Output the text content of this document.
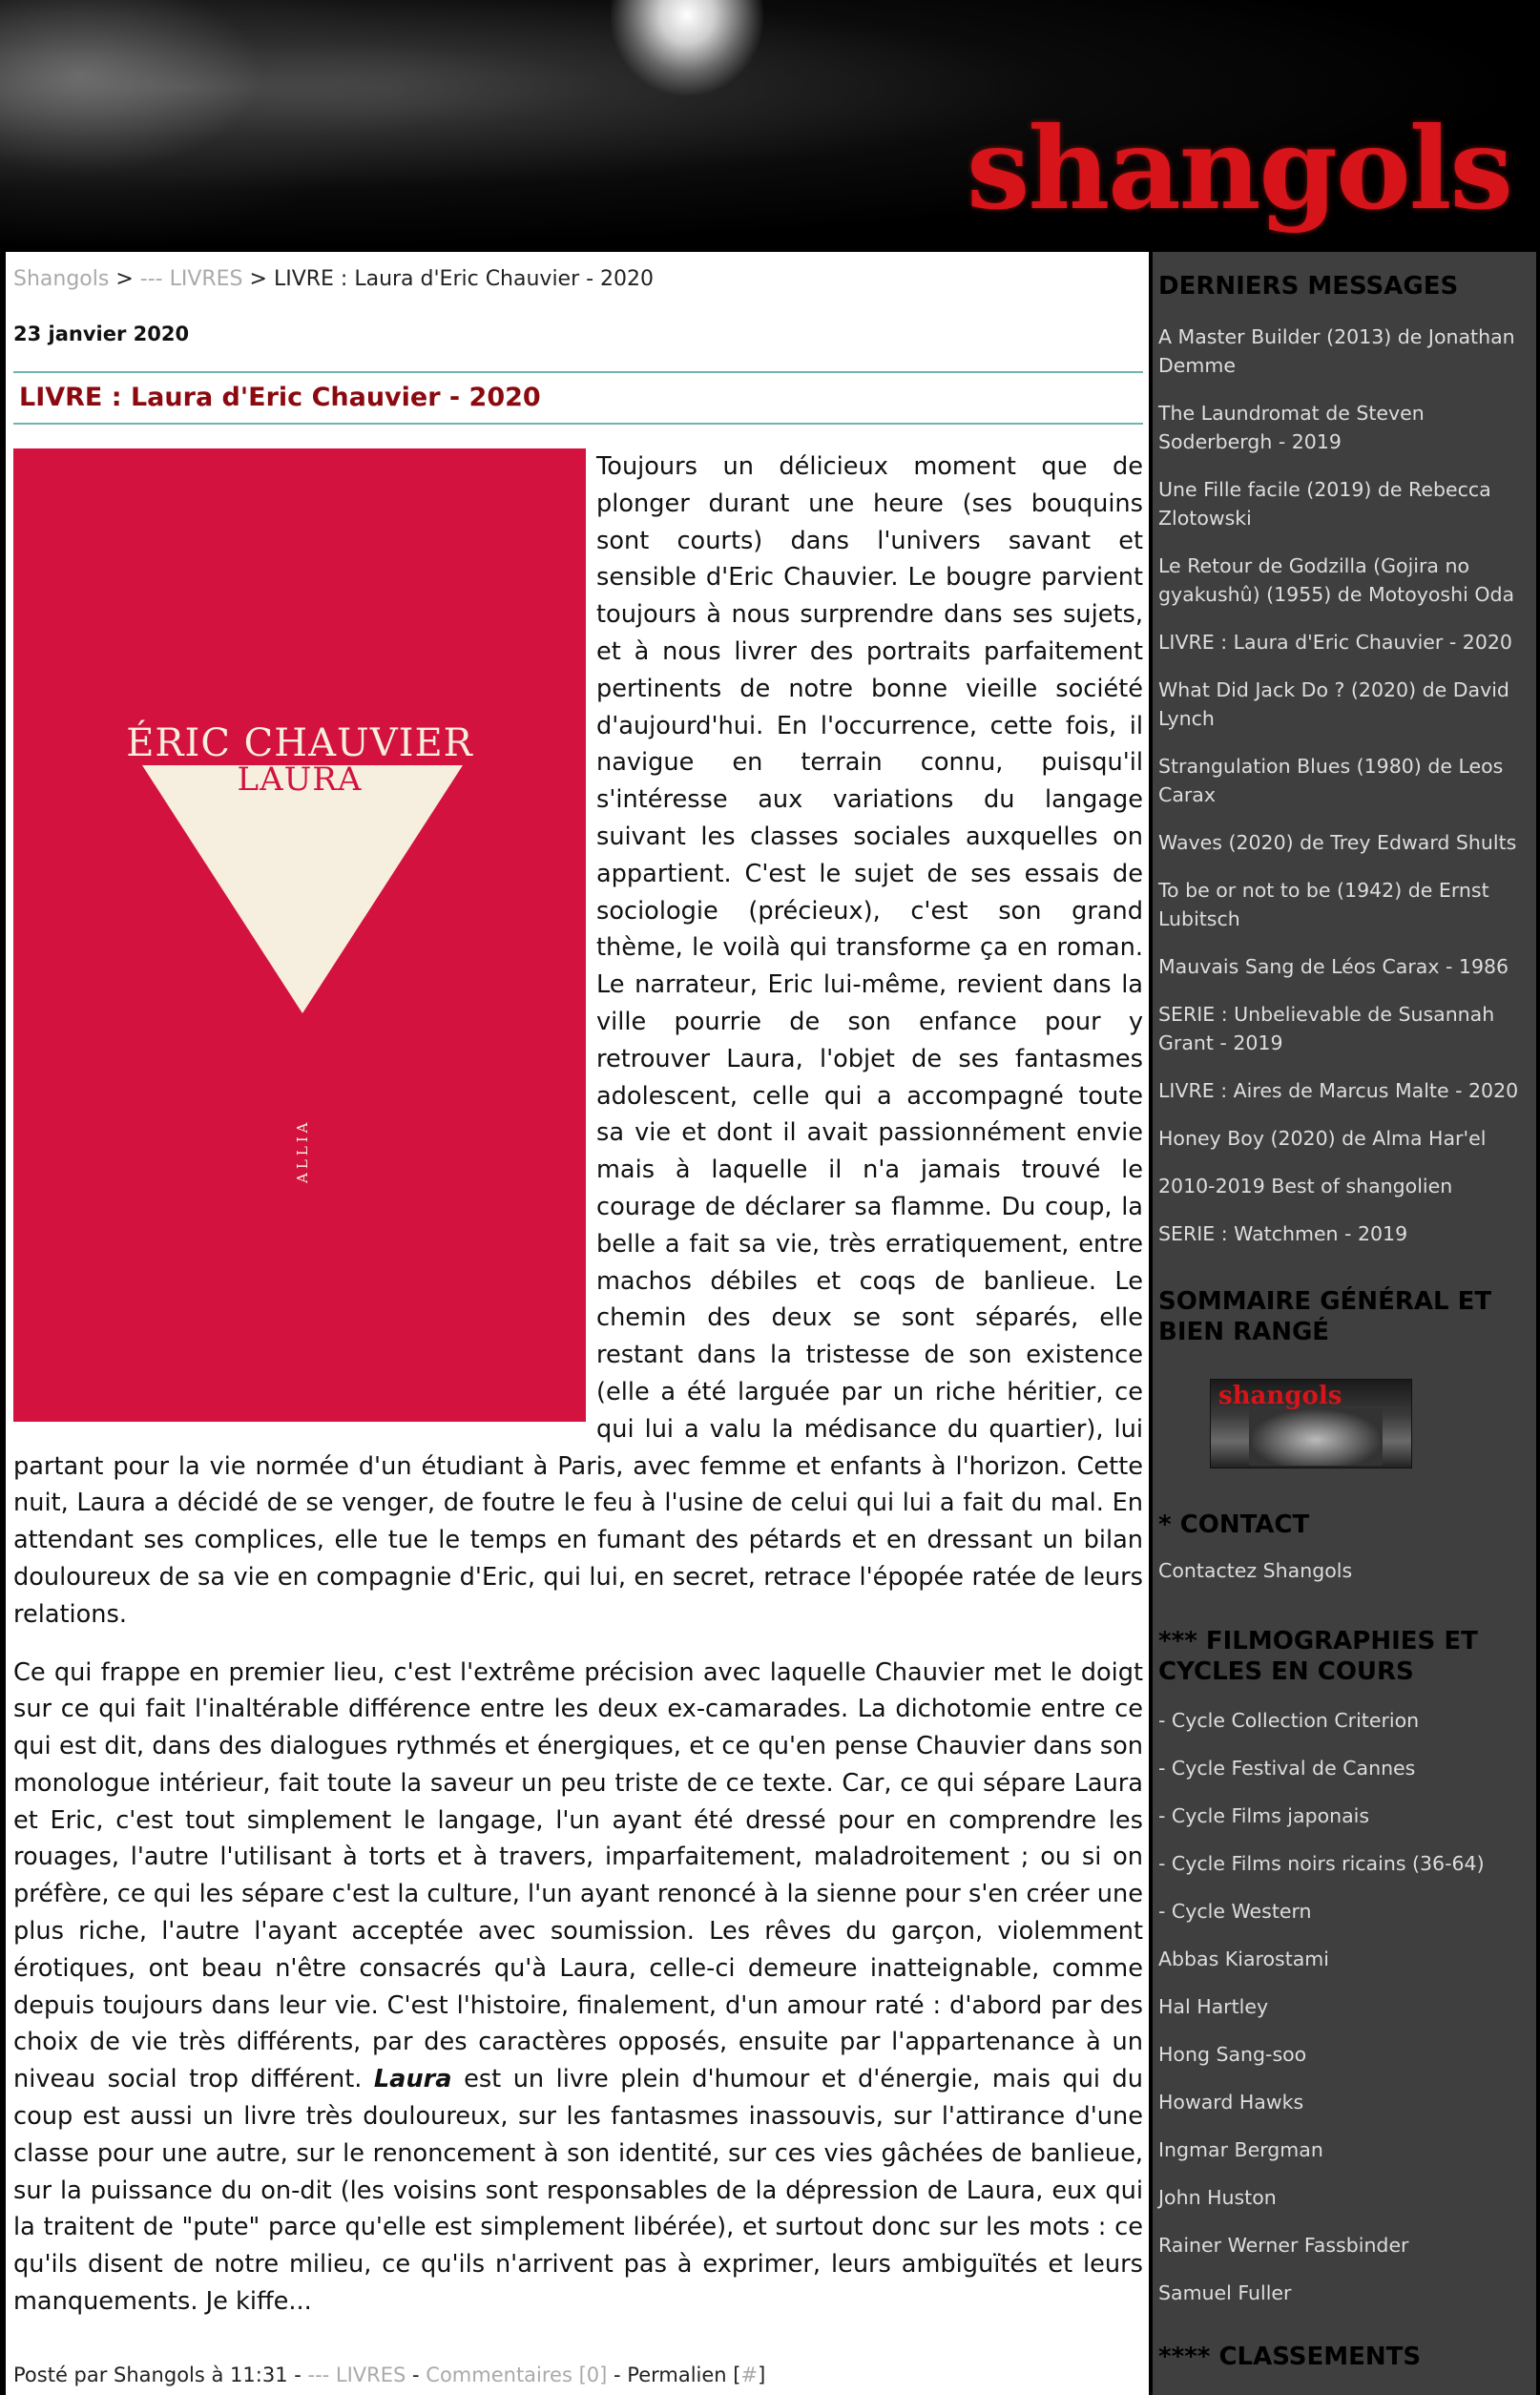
shangols
Shangols > --- LIVRES > LIVRE : Laura d'Eric Chauvier - 2020
23 janvier 2020
LIVRE : Laura d'Eric Chauvier - 2020
ÉRIC CHAUVIER
LAURA
ALLIA

Toujours un délicieux moment que de plonger durant une heure (ses bouquins sont courts) dans l'univers savant et sensible d'Eric Chauvier. Le bougre parvient toujours à nous surprendre dans ses sujets, et à nous livrer des portraits parfaitement pertinents de notre bonne vieille société d'aujourd'hui. En l'occurrence, cette fois, il navigue en terrain connu, puisqu'il s'intéresse aux variations du langage suivant les classes sociales auxquelles on appartient. C'est le sujet de ses essais de sociologie (précieux), c'est son grand thème, le voilà qui transforme ça en roman. Le narrateur, Eric lui-même, revient dans la ville pourrie de son enfance pour y retrouver Laura, l'objet de ses fantasmes adolescent, celle qui a accompagné toute sa vie et dont il avait passionnément envie mais à laquelle il n'a jamais trouvé le courage de déclarer sa flamme. Du coup, la belle a fait sa vie, très erratiquement, entre machos débiles et coqs de banlieue. Le chemin des deux se sont séparés, elle restant dans la tristesse de son existence (elle a été larguée par un riche héritier, ce qui lui a valu la médisance du quartier), lui partant pour la vie normée d'un étudiant à Paris, avec femme et enfants à l'horizon. Cette nuit, Laura a décidé de se venger, de foutre le feu à l'usine de celui qui lui a fait du mal. En attendant ses complices, elle tue le temps en fumant des pétards et en dressant un bilan douloureux de sa vie en compagnie d'Eric, qui lui, en secret, retrace l'épopée ratée de leurs relations.

Ce qui frappe en premier lieu, c'est l'extrême précision avec laquelle Chauvier met le doigt sur ce qui fait l'inaltérable différence entre les deux ex-camarades. La dichotomie entre ce qui est dit, dans des dialogues rythmés et énergiques, et ce qu'en pense Chauvier dans son monologue intérieur, fait toute la saveur un peu triste de ce texte. Car, ce qui sépare Laura et Eric, c'est tout simplement le langage, l'un ayant été dressé pour en comprendre les rouages, l'autre l'utilisant à torts et à travers, imparfaitement, maladroitement ; ou si on préfère, ce qui les sépare c'est la culture, l'un ayant renoncé à la sienne pour s'en créer une plus riche, l'autre l'ayant acceptée avec soumission. Les rêves du garçon, violemment érotiques, ont beau n'être consacrés qu'à Laura, celle-ci demeure inatteignable, comme depuis toujours dans leur vie. C'est l'histoire, finalement, d'un amour raté : d'abord par des choix de vie très différents, par des caractères opposés, ensuite par l'appartenance à un niveau social trop différent. Laura est un livre plein d'humour et d'énergie, mais qui du coup est aussi un livre très douloureux, sur les fantasmes inassouvis, sur l'attirance d'une classe pour une autre, sur le renoncement à son identité, sur ces vies gâchées de banlieue, sur la puissance du on-dit (les voisins sont responsables de la dépression de Laura, eux qui la traitent de "pute" parce qu'elle est simplement libérée), et surtout donc sur les mots : ce qu'ils disent de notre milieu, ce qu'ils n'arrivent pas à exprimer, leurs ambiguïtés et leurs manquements. Je kiffe...

Posté par Shangols à 11:31 - --- LIVRES - Commentaires [0] - Permalien [#]
DERNIERS MESSAGES
A Master Builder (2013) de Jonathan Demme
The Laundromat de Steven Soderbergh - 2019
Une Fille facile (2019) de Rebecca Zlotowski
Le Retour de Godzilla (Gojira no gyakushû) (1955) de Motoyoshi Oda
LIVRE : Laura d'Eric Chauvier - 2020
What Did Jack Do ? (2020) de David Lynch
Strangulation Blues (1980) de Leos Carax
Waves (2020) de Trey Edward Shults
To be or not to be (1942) de Ernst Lubitsch
Mauvais Sang de Léos Carax - 1986
SERIE : Unbelievable de Susannah Grant - 2019
LIVRE : Aires de Marcus Malte - 2020
Honey Boy (2020) de Alma Har'el
2010-2019 Best of shangolien
SERIE : Watchmen - 2019
SOMMAIRE GÉNÉRAL ET BIEN RANGÉ
shangols
* CONTACT
Contactez Shangols
*** FILMOGRAPHIES ET CYCLES EN COURS
- Cycle Collection Criterion
- Cycle Festival de Cannes
- Cycle Films japonais
- Cycle Films noirs ricains (36-64)
- Cycle Western
Abbas Kiarostami
Hal Hartley
Hong Sang-soo
Howard Hawks
Ingmar Bergman
John Huston
Rainer Werner Fassbinder
Samuel Fuller
**** CLASSEMENTS
